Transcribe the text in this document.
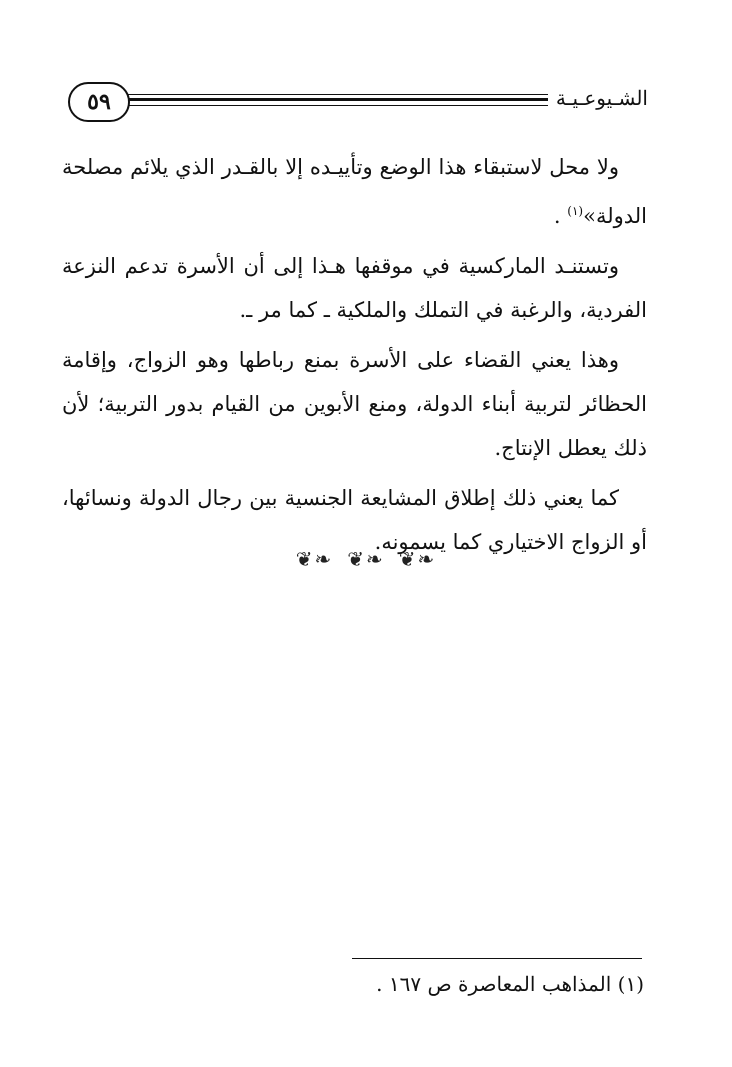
٥٩	الشـيوعـيـة

ولا محل لاستبقاء هذا الوضع وتأييـده إلا بالقـدر الذي يلائم مصلحة الدولة»$^{(١)}$ .

وتستنـد الماركسية في موقفها هـذا إلى أن الأسرة تدعم النزعة الفردية، والرغبة في التملك والملكية ـ كما مر ـ.

وهذا يعني القضاء على الأسرة بمنع رباطها وهو الزواج، وإقامة الحظائر لتربية أبناء الدولة، ومنع الأبوين من القيام بدور التربية؛ لأن ذلك يعطل الإنتاج.

كما يعني ذلك إطلاق المشايعة الجنسية بين رجال الدولة ونسائها، أو الزواج الاختياري كما يسمونه.

❦❧ ❦❧ ❦❧
(١) المذاهب المعاصرة ص ١٦٧ .
